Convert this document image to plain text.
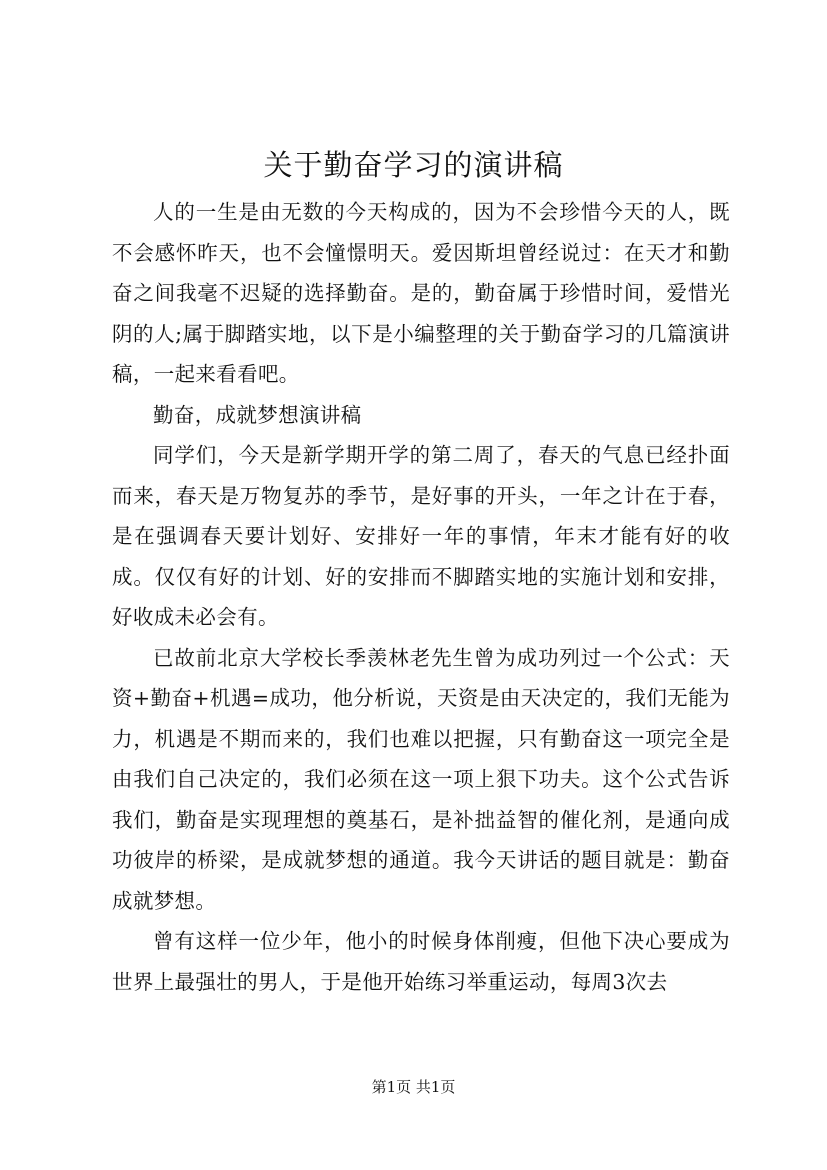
关于勤奋学习的演讲稿

人的一生是由无数的今天构成的，因为不会珍惜今天的人，既不会感怀昨天，也不会憧憬明天。爱因斯坦曾经说过：在天才和勤奋之间我毫不迟疑的选择勤奋。是的，勤奋属于珍惜时间，爱惜光阴的人;属于脚踏实地，以下是小编整理的关于勤奋学习的几篇演讲稿，一起来看看吧。

勤奋，成就梦想演讲稿

同学们，今天是新学期开学的第二周了，春天的气息已经扑面而来，春天是万物复苏的季节，是好事的开头，一年之计在于春，是在强调春天要计划好、安排好一年的事情，年末才能有好的收成。仅仅有好的计划、好的安排而不脚踏实地的实施计划和安排，好收成未必会有。

已故前北京大学校长季羡林老先生曾为成功列过一个公式：天资+勤奋+机遇=成功，他分析说，天资是由天决定的，我们无能为力，机遇是不期而来的，我们也难以把握，只有勤奋这一项完全是由我们自己决定的，我们必须在这一项上狠下功夫。这个公式告诉我们，勤奋是实现理想的奠基石，是补拙益智的催化剂，是通向成功彼岸的桥梁，是成就梦想的通道。我今天讲话的题目就是：勤奋成就梦想。

曾有这样一位少年，他小的时候身体削瘦，但他下决心要成为世界上最强壮的男人，于是他开始练习举重运动，每周3次去

第1页 共1页
